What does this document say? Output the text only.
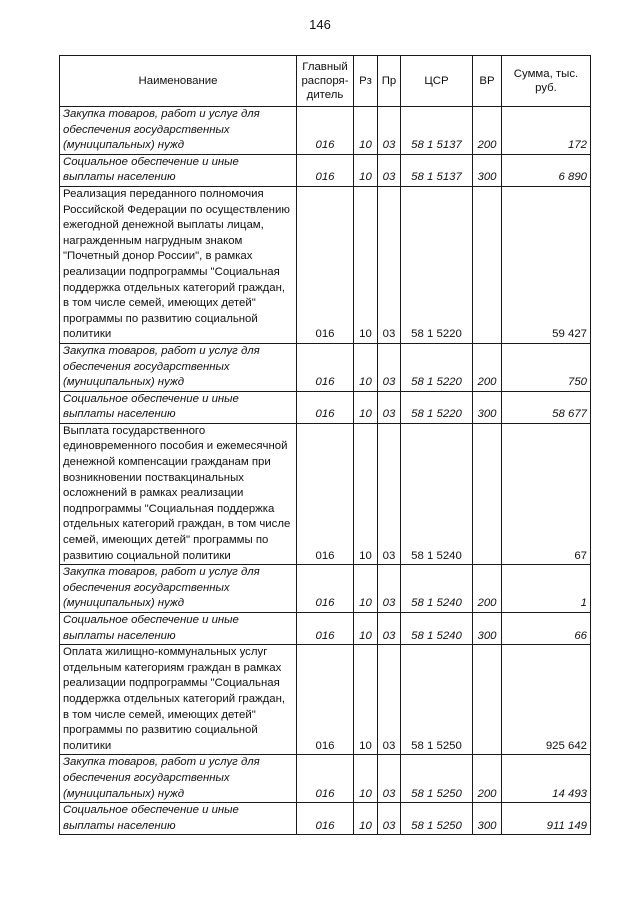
146
Наименование	Главный распоря-дитель	Рз	Пр	ЦСР	ВР	Сумма, тыс. руб.
Закупка товаров, работ и услуг для обеспечения государственных (муниципальных) нужд	016	10	03	58 1 5137	200	172
Социальное обеспечение и иные выплаты населению	016	10	03	58 1 5137	300	6 890
Реализация переданного полномочия Российской Федерации по осуществлению ежегодной денежной выплаты лицам, награжденным нагрудным знаком "Почетный донор России", в рамках реализации подпрограммы "Социальная поддержка отдельных категорий граждан, в том числе семей, имеющих детей" программы по развитию социальной политики	016	10	03	58 1 5220		59 427
Закупка товаров, работ и услуг для обеспечения государственных (муниципальных) нужд	016	10	03	58 1 5220	200	750
Социальное обеспечение и иные выплаты населению	016	10	03	58 1 5220	300	58 677
Выплата государственного единовременного пособия и ежемесячной денежной компенсации гражданам при возникновении поствакцинальных осложнений в рамках реализации подпрограммы "Социальная поддержка отдельных категорий граждан, в том числе семей, имеющих детей" программы по развитию социальной политики	016	10	03	58 1 5240		67
Закупка товаров, работ и услуг для обеспечения государственных (муниципальных) нужд	016	10	03	58 1 5240	200	1
Социальное обеспечение и иные выплаты населению	016	10	03	58 1 5240	300	66
Оплата жилищно-коммунальных услуг отдельным категориям граждан в рамках реализации подпрограммы "Социальная поддержка отдельных категорий граждан, в том числе семей, имеющих детей" программы по развитию социальной политики	016	10	03	58 1 5250		925 642
Закупка товаров, работ и услуг для обеспечения государственных (муниципальных) нужд	016	10	03	58 1 5250	200	14 493
Социальное обеспечение и иные выплаты населению	016	10	03	58 1 5250	300	911 149
